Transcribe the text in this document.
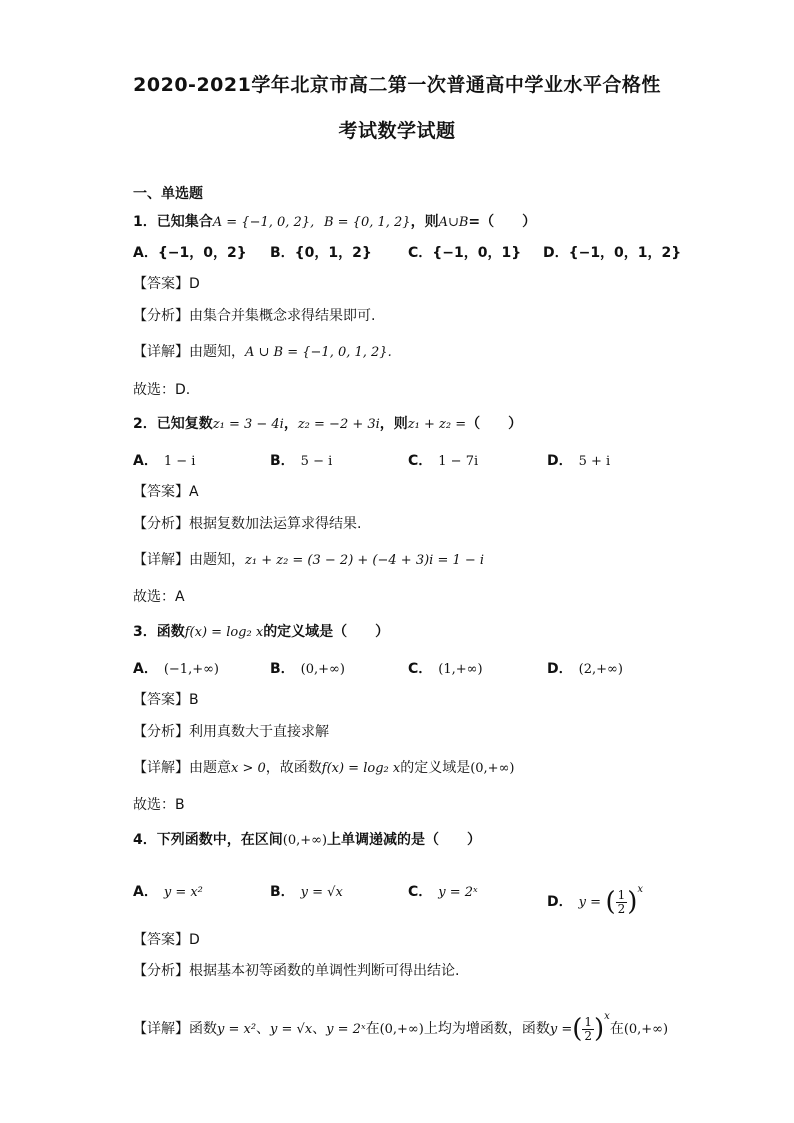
2020-2021学年北京市高二第一次普通高中学业水平合格性
考试数学试题
一、单选题
1．已知集合A = {−1, 0, 2}, B = {0, 1, 2}，则A∪B=（　　）
A．{−1，0，2} B．{0，1，2}	C．{−1，0，1} D．{−1，0，1，2}
【答案】D
【分析】由集合并集概念求得结果即可.
【详解】由题知，A ∪ B = {−1, 0, 1, 2}.
故选：D.
2．已知复数z₁ = 3 − 4i，z₂ = −2 + 3i，则z₁ + z₂ =（　　）
A． 1 − i	B． 5 − i	C． 1 − 7i	D． 5 + i
【答案】A
【分析】根据复数加法运算求得结果.
【详解】由题知，z₁ + z₂ = (3 − 2) + (−4 + 3)i = 1 − i
故选：A
3．函数f(x) = log₂ x的定义域是（　　）
A． (−1,+∞)	B． (0,+∞)	C． (1,+∞)	D． (2,+∞)
【答案】B
【分析】利用真数大于直接求解
【详解】由题意x > 0，故函数f(x) = log₂ x的定义域是(0,+∞)
故选：B
4．下列函数中，在区间(0,+∞)上单调递减的是（　　）
A． y = x²	B． y = √x	C． y = 2ˣ
D． y = ( $\frac{1}{2} )^x$
【答案】D
【分析】根据基本初等函数的单调性判断可得出结论.
【详解】函数y = x²、y = √x、y = 2ˣ在(0,+∞)上均为增函数，函数y =( $\frac{1}{2} )^x$在(0,+∞)
